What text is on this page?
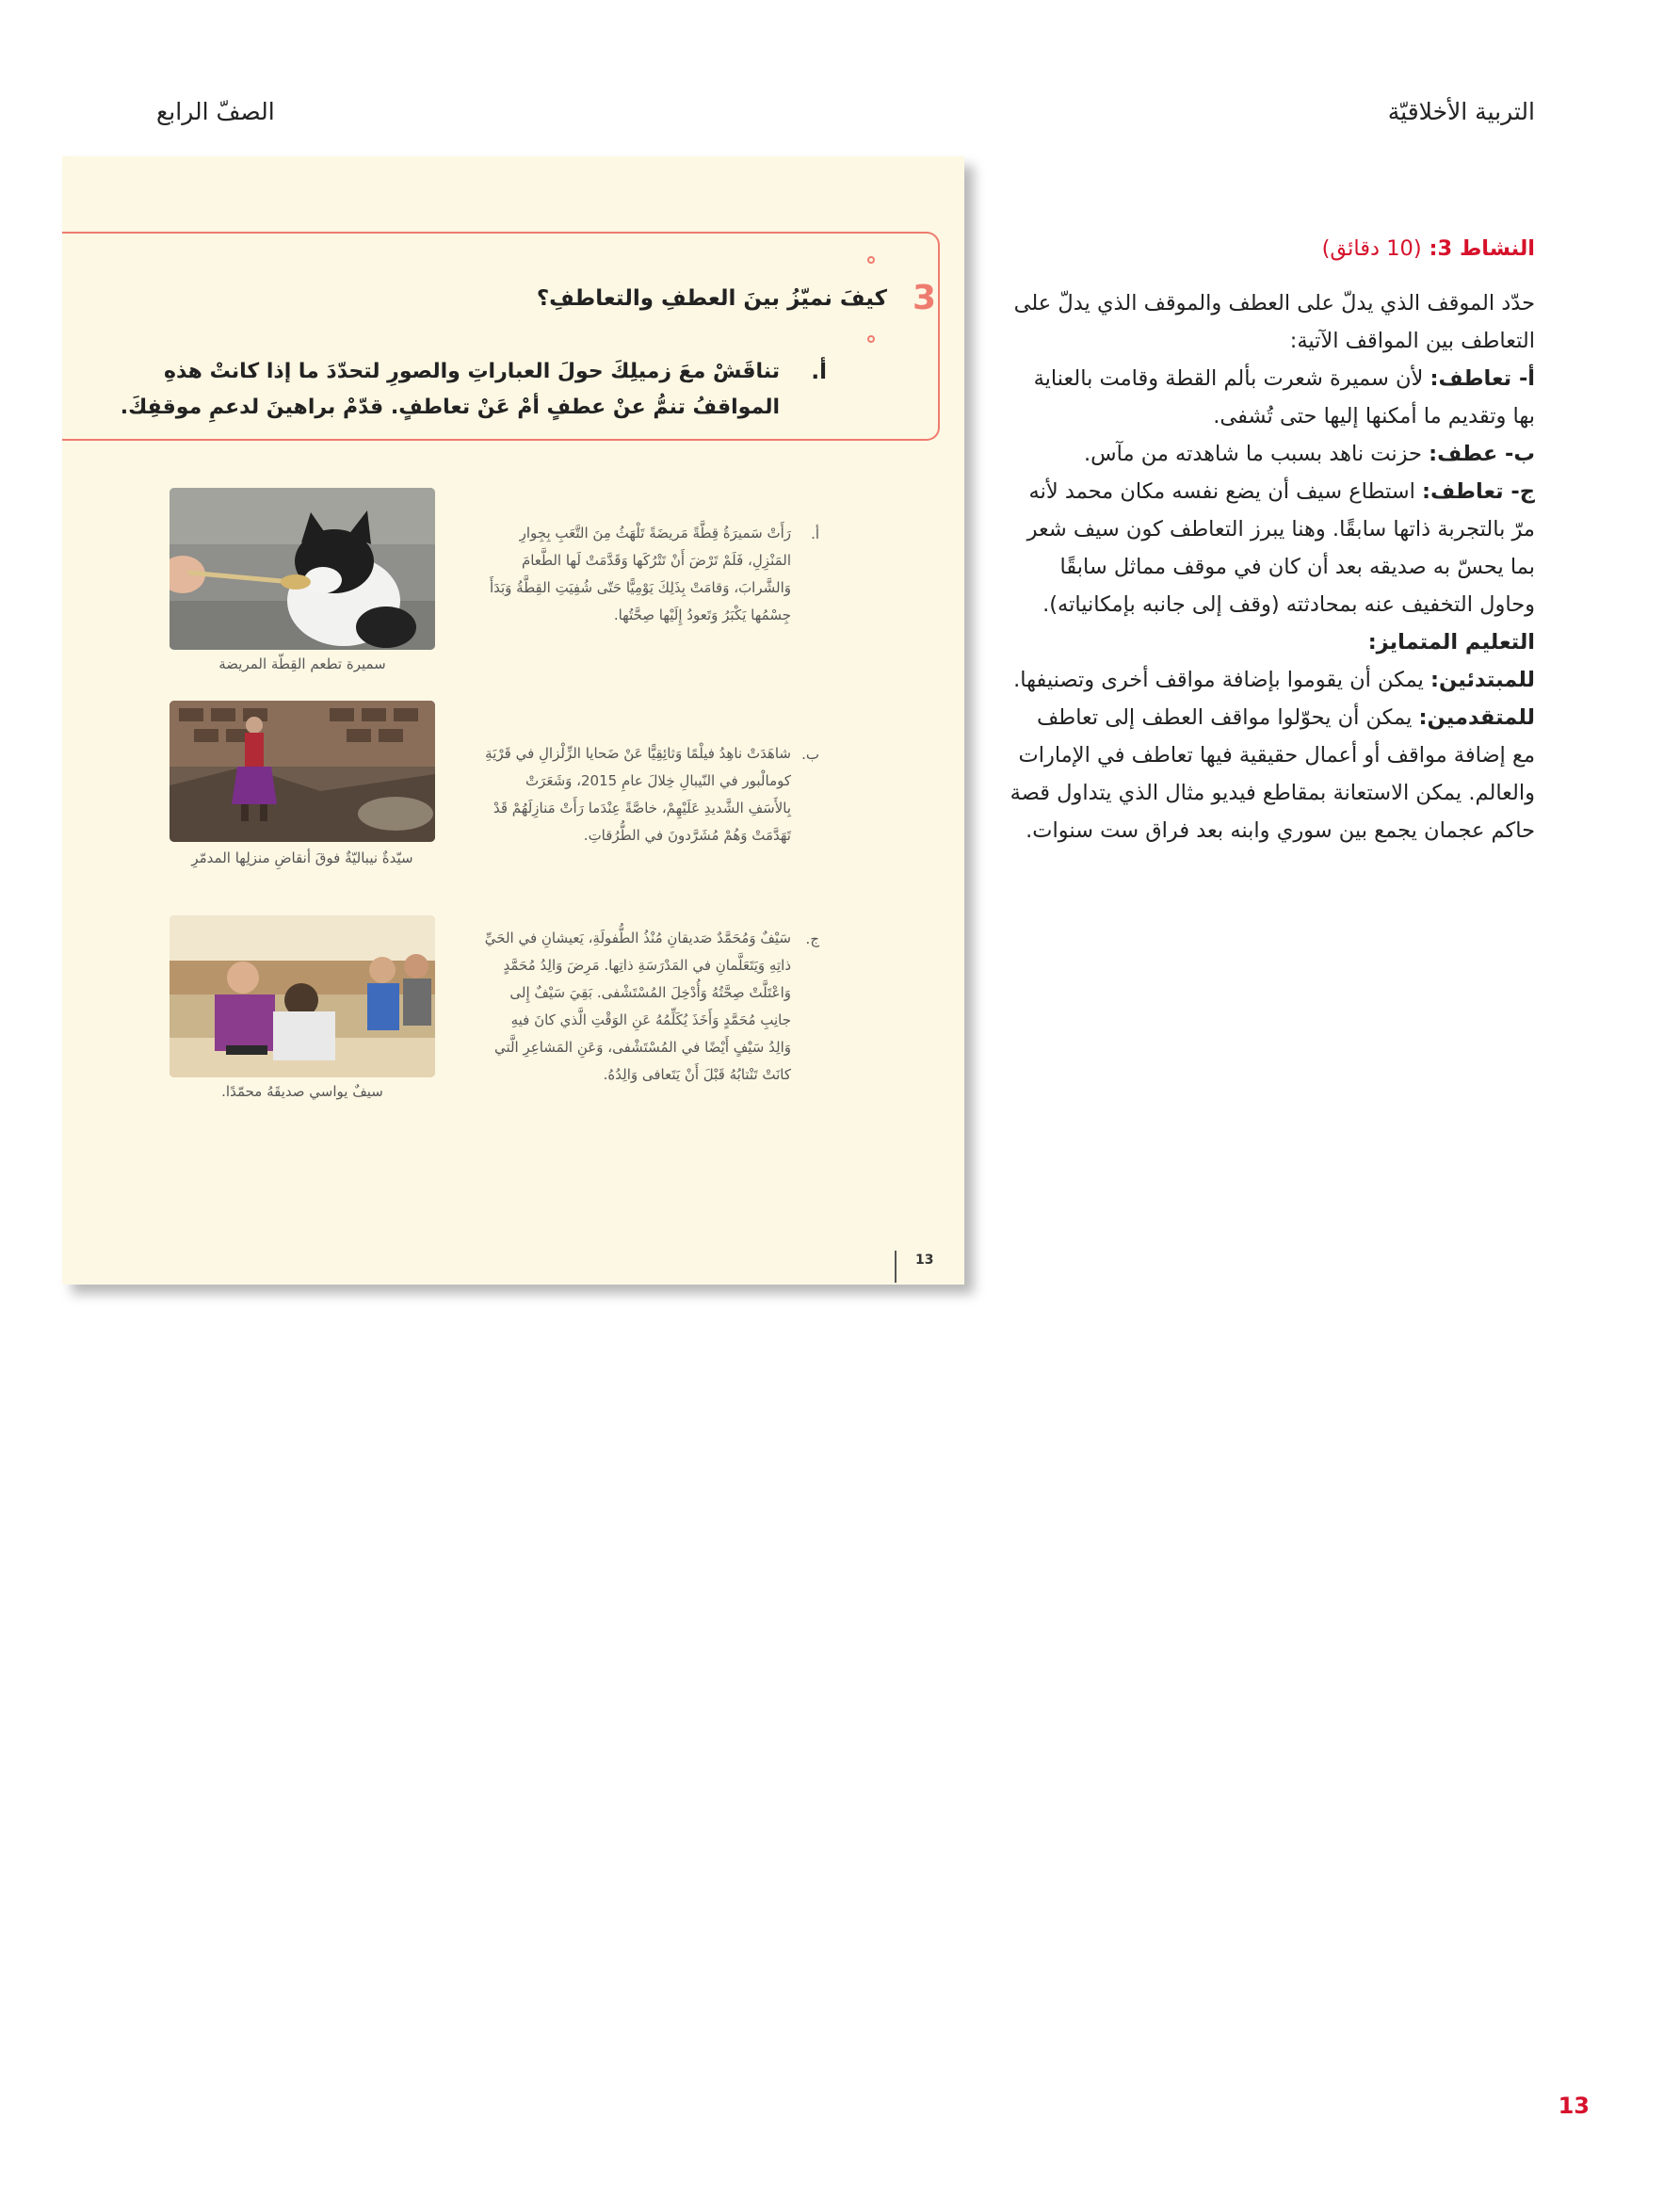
التربية الأخلاقيّة
الصفّ الرابع
النشاط 3: (10 دقائق)

حدّد الموقف الذي يدلّ على العطف والموقف الذي يدلّ على التعاطف بين المواقف الآتية:

أ- تعاطف: لأن سميرة شعرت بألم القطة وقامت بالعناية بها وتقديم ما أمكنها إليها حتى تُشفى.

ب- عطف: حزنت ناهد بسبب ما شاهدته من مآس.

ج- تعاطف: استطاع سيف أن يضع نفسه مكان محمد لأنه مرّ بالتجربة ذاتها سابقًا. وهنا يبرز التعاطف كون سيف شعر بما يحسّ به صديقه بعد أن كان في موقف مماثل سابقًا وحاول التخفيف عنه بمحادثته (وقف إلى جانبه بإمكانياته).

التعليم المتمايز:

للمبتدئين: يمكن أن يقوموا بإضافة مواقف أخرى وتصنيفها.

للمتقدمين: يمكن أن يحوّلوا مواقف العطف إلى تعاطف مع إضافة مواقف أو أعمال حقيقية فيها تعاطف في الإمارات والعالم. يمكن الاستعانة بمقاطع فيديو مثال الذي يتداول قصة حاكم عجمان يجمع بين سوري وابنه بعد فراق ست سنوات.

3
كيفَ نميّزُ بينَ العطفِ والتعاطفِ؟
أ.
تناقَشْ معَ زميلِكَ حولَ العباراتِ والصورِ لتحدّدَ ما إذا كانتْ هذهِ المواقفُ تنمُّ عنْ عطفٍ أمْ عَنْ تعاطفٍ. قدّمْ براهينَ لدعمِ موقفِكَ.
أ.
رَأَتْ سَميرَةُ قِطَّةً مَريضَةً تَلْهَثُ مِنَ التَّعَبِ بِجِوارِ المَنْزِلِ، فَلَمْ تَرْضَ أَنْ تَتْرُكَها وَقَدَّمَتْ لَها الطَّعامَ وَالشَّرابَ، وَقامَتْ بِذَلِكَ يَوْمِيًّا حَتّى شُفِيَتِ القِطَّةُ وَبَدَأَ جِسْمُها يَكْبَرُ وَتَعودُ إِلَيْها صِحَّتُها.
سميرة تطعم القِطّة المريضة
ب.
شاهَدَتْ ناهِدُ فيلْمًا وَثائِقِيًّا عَنْ ضَحايا الزِّلْزالِ في قَرْيَةِ كومالْبور في النّيبالِ خِلالَ عامِ 2015، وَشَعَرَتْ بِالأَسَفِ الشَّديدِ عَلَيْهِمْ، خاصَّةً عِنْدَما رَأَتْ مَنازِلَهُمْ قَدْ تَهَدَّمَتْ وَهُمْ مُشَرَّدونَ في الطُّرُقاتِ.
سيّدةٌ نيباليّةٌ فوقَ أنقاضِ منزلِها المدمّرِ
ج.
سَيْفٌ وَمُحَمَّدٌ صَديقانِ مُنْذُ الطُّفولَةِ، يَعيشانِ في الحَيِّ ذاتِهِ وَيَتَعَلَّمانِ في المَدْرَسَةِ ذاتِها. مَرِضَ وَالِدُ مُحَمَّدٍ وَاعْتَلَّتْ صِحَّتُهُ وَأُدْخِلَ المُسْتَشْفى. بَقِيَ سَيْفٌ إِلى جانِبِ مُحَمَّدٍ وَأَخَذَ يُكَلِّمُهُ عَنِ الوَقْتِ الَّذي كانَ فيهِ وَالِدُ سَيْفٍ أَيْضًا في المُسْتَشْفى، وَعَنِ المَشاعِرِ الَّتي كانَتْ تَنْتابُهُ قَبْلَ أَنْ يَتَعافى وَالِدُهُ.
سيفٌ يواسي صديقَهُ محمّدًا.
13
13
